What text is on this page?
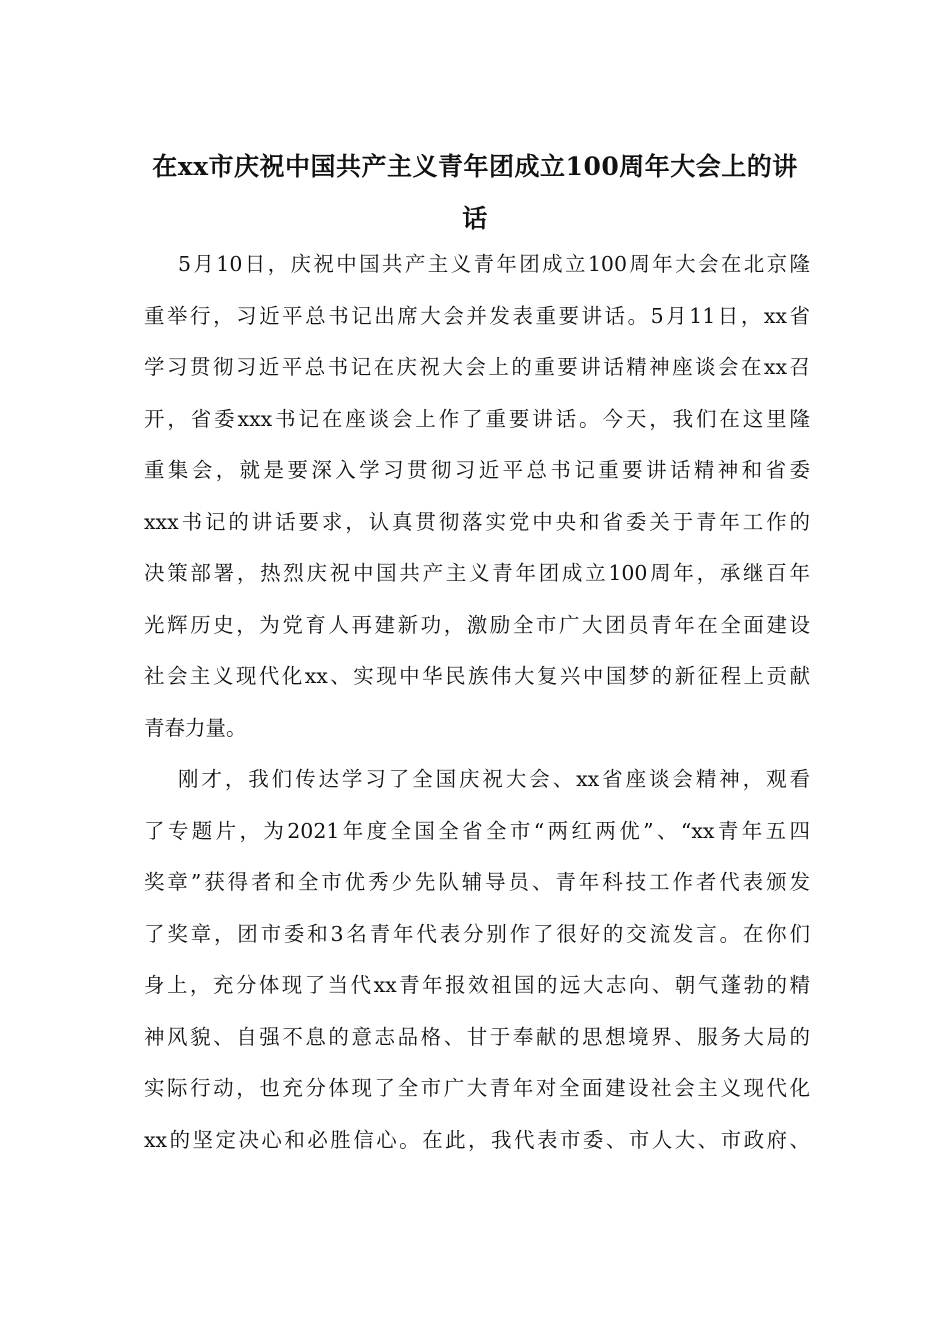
在xx市庆祝中国共产主义青年团成立100周年大会上的讲
话
5月10日，庆祝中国共产主义青年团成立100周年大会在北京隆
重举行，习近平总书记出席大会并发表重要讲话。5月11日，xx省
学习贯彻习近平总书记在庆祝大会上的重要讲话精神座谈会在xx召
开，省委xxx书记在座谈会上作了重要讲话。今天，我们在这里隆
重集会，就是要深入学习贯彻习近平总书记重要讲话精神和省委
xxx书记的讲话要求，认真贯彻落实党中央和省委关于青年工作的
决策部署，热烈庆祝中国共产主义青年团成立100周年，承继百年
光辉历史，为党育人再建新功，激励全市广大团员青年在全面建设
社会主义现代化xx、实现中华民族伟大复兴中国梦的新征程上贡献
青春力量。
刚才，我们传达学习了全国庆祝大会、xx省座谈会精神，观看
了专题片，为2021年度全国全省全市“两红两优”、“xx青年五四
奖章”获得者和全市优秀少先队辅导员、青年科技工作者代表颁发
了奖章，团市委和3名青年代表分别作了很好的交流发言。在你们
身上，充分体现了当代xx青年报效祖国的远大志向、朝气蓬勃的精
神风貌、自强不息的意志品格、甘于奉献的思想境界、服务大局的
实际行动，也充分体现了全市广大青年对全面建设社会主义现代化
xx的坚定决心和必胜信心。在此，我代表市委、市人大、市政府、
